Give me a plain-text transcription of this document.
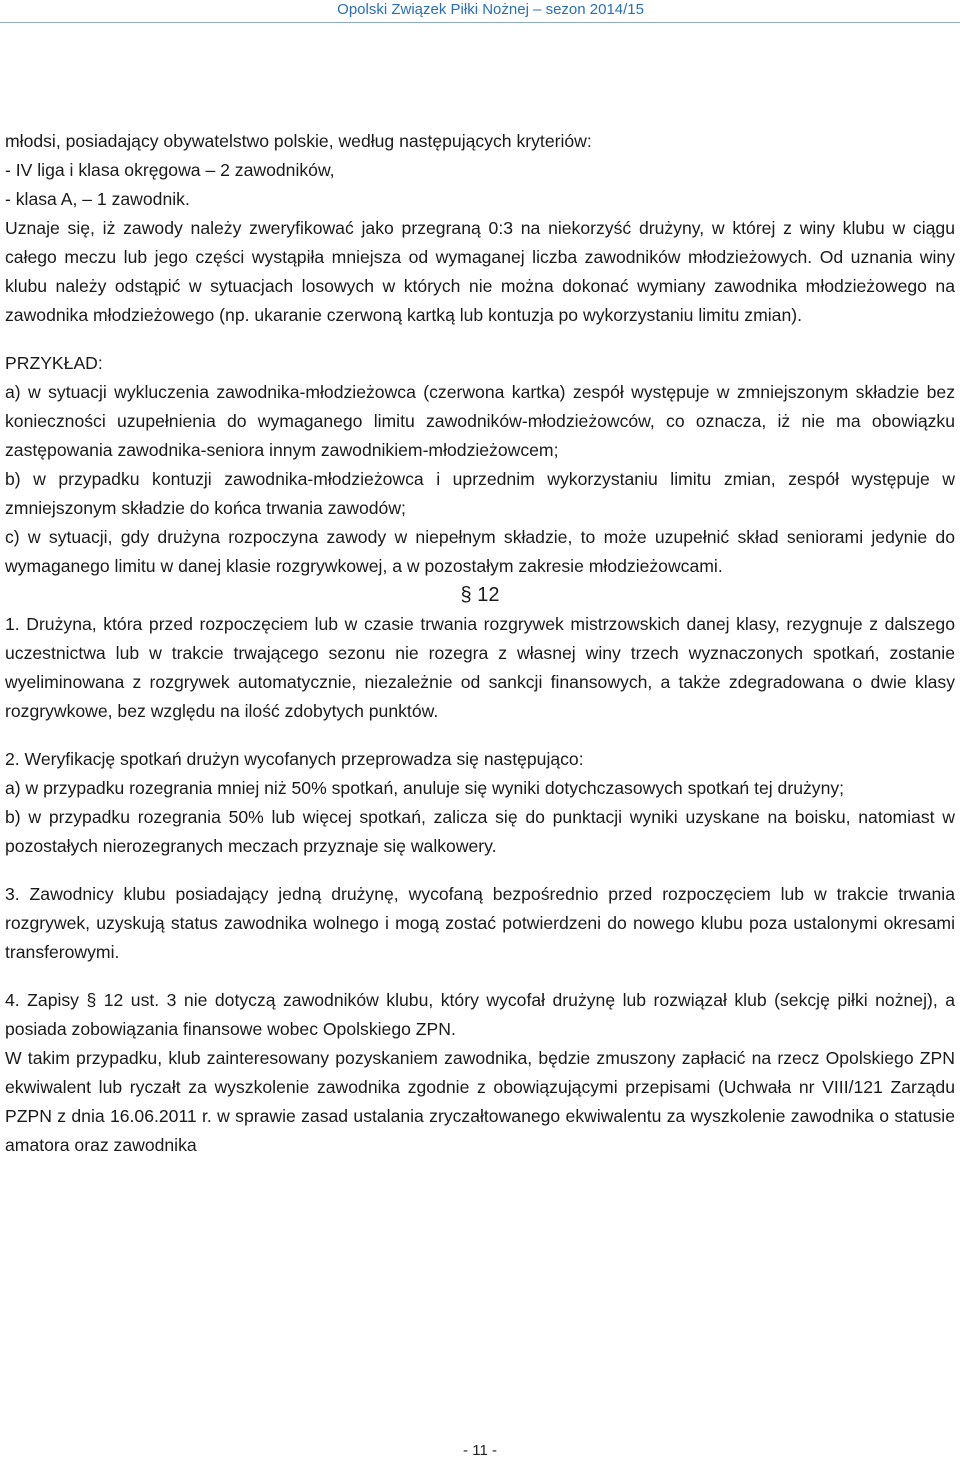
Opolski Związek Piłki Nożnej – sezon 2014/15

młodsi, posiadający obywatelstwo polskie, według następujących kryteriów:

- IV liga i klasa okręgowa – 2 zawodników,

- klasa A, – 1 zawodnik.

Uznaje się, iż zawody należy zweryfikować jako przegraną 0:3 na niekorzyść drużyny, w której z winy klubu w ciągu całego meczu lub jego części wystąpiła mniejsza od wymaganej liczba zawodników młodzieżowych. Od uznania winy klubu należy odstąpić w sytuacjach losowych w których nie można dokonać wymiany zawodnika młodzieżowego na zawodnika młodzieżowego (np. ukaranie czerwoną kartką lub kontuzja po wykorzystaniu limitu zmian).

PRZYKŁAD:

a) w sytuacji wykluczenia zawodnika-młodzieżowca (czerwona kartka) zespół występuje w zmniejszonym składzie bez konieczności uzupełnienia do wymaganego limitu zawodników-młodzieżowców, co oznacza, iż nie ma obowiązku zastępowania zawodnika-seniora innym zawodnikiem-młodzieżowcem;

b) w przypadku kontuzji zawodnika-młodzieżowca i uprzednim wykorzystaniu limitu zmian, zespół występuje w zmniejszonym składzie do końca trwania zawodów;

c) w sytuacji, gdy drużyna rozpoczyna zawody w niepełnym składzie, to może uzupełnić skład seniorami jedynie do wymaganego limitu w danej klasie rozgrywkowej, a w pozostałym zakresie młodzieżowcami.

§ 12

1. Drużyna, która przed rozpoczęciem lub w czasie trwania rozgrywek mistrzowskich danej klasy, rezygnuje z dalszego uczestnictwa lub w trakcie trwającego sezonu nie rozegra z własnej winy trzech wyznaczonych spotkań, zostanie wyeliminowana z rozgrywek automatycznie, niezależnie od sankcji finansowych, a także zdegradowana o dwie klasy rozgrywkowe, bez względu na ilość zdobytych punktów.

2. Weryfikację spotkań drużyn wycofanych przeprowadza się następująco:

a) w przypadku rozegrania mniej niż 50% spotkań, anuluje się wyniki dotychczasowych spotkań tej drużyny;

b) w przypadku rozegrania 50% lub więcej spotkań, zalicza się do punktacji wyniki uzyskane na boisku, natomiast w pozostałych nierozegranych meczach przyznaje się walkowery.

3. Zawodnicy klubu posiadający jedną drużynę, wycofaną bezpośrednio przed rozpoczęciem lub w trakcie trwania rozgrywek, uzyskują status zawodnika wolnego i mogą zostać potwierdzeni do nowego klubu poza ustalonymi okresami transferowymi.

4. Zapisy § 12 ust. 3 nie dotyczą zawodników klubu, który wycofał drużynę lub rozwiązał klub (sekcję piłki nożnej), a posiada zobowiązania finansowe wobec Opolskiego ZPN.

W takim przypadku, klub zainteresowany pozyskaniem zawodnika, będzie zmuszony zapłacić na rzecz Opolskiego ZPN ekwiwalent lub ryczałt za wyszkolenie zawodnika zgodnie z obowiązującymi przepisami (Uchwała nr VIII/121 Zarządu PZPN z dnia 16.06.2011 r. w sprawie zasad ustalania zryczałtowanego ekwiwalentu za wyszkolenie zawodnika o statusie amatora oraz zawodnika

- 11 -
